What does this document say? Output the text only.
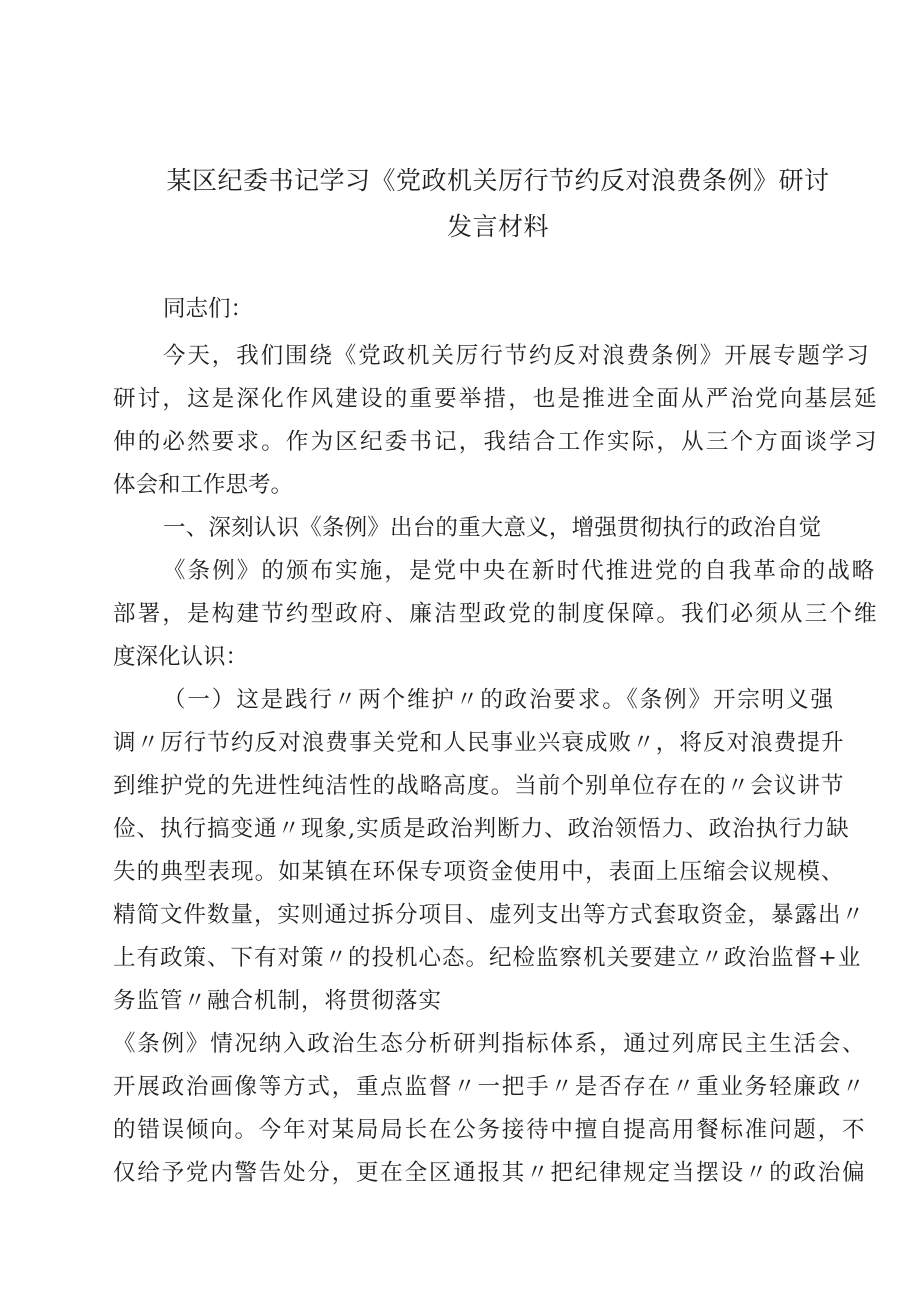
某区纪委书记学习《党政机关厉行节约反对浪费条例》研讨发言材料
同志们：
今天，我们围绕《党政机关厉行节约反对浪费条例》开展专题学习
研讨，这是深化作风建设的重要举措，也是推进全面从严治党向基层延
伸的必然要求。作为区纪委书记，我结合工作实际，从三个方面谈学习
体会和工作思考。
一、深刻认识《条例》出台的重大意义，增强贯彻执行的政治自觉
《条例》的颁布实施，是党中央在新时代推进党的自我革命的战略
部署，是构建节约型政府、廉洁型政党的制度保障。我们必须从三个维
度深化认识：
（一）这是践行〃两个维护〃的政治要求。《条例》开宗明义强
调〃厉行节约反对浪费事关党和人民事业兴衰成败〃，将反对浪费提升
到维护党的先进性纯洁性的战略高度。当前个别单位存在的〃会议讲节
俭、执行搞变通〃现象,实质是政治判断力、政治领悟力、政治执行力缺
失的典型表现。如某镇在环保专项资金使用中，表面上压缩会议规模、
精简文件数量，实则通过拆分项目、虚列支出等方式套取资金，暴露出〃
上有政策、下有对策〃的投机心态。纪检监察机关要建立〃政治监督+业
务监管〃融合机制，将贯彻落实
《条例》情况纳入政治生态分析研判指标体系，通过列席民主生活会、
开展政治画像等方式，重点监督〃一把手〃是否存在〃重业务轻廉政〃
的错误倾向。今年对某局局长在公务接待中擅自提高用餐标准问题，不
仅给予党内警告处分，更在全区通报其〃把纪律规定当摆设〃的政治偏
